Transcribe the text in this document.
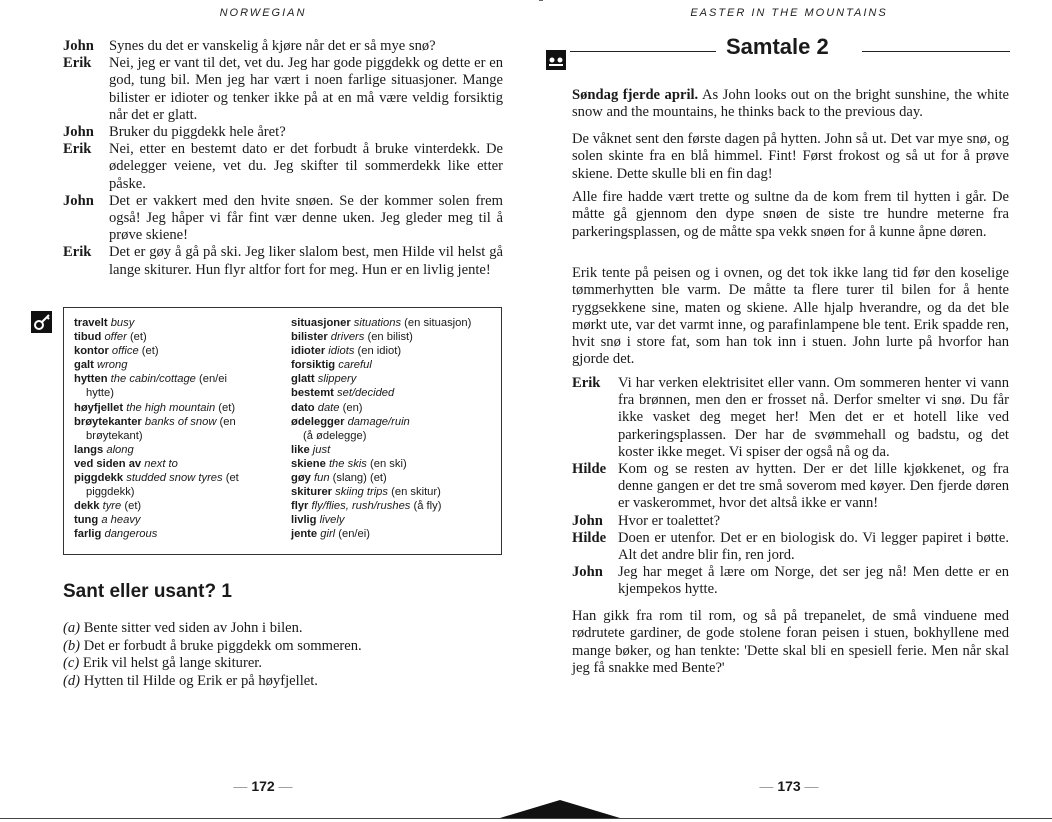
NORWEGIAN
John	Synes du det er vanskelig å kjøre når det er så mye snø?
Erik	Nei, jeg er vant til det, vet du. Jeg har gode piggdekk og dette er en god, tung bil. Men jeg har vært i noen farlige situasjoner. Mange bilister er idioter og tenker ikke på at en må være veldig forsiktig når det er glatt.
John	Bruker du piggdekk hele året?
Erik	Nei, etter en bestemt dato er det forbudt å bruke vinterdekk. De ødelegger veiene, vet du. Jeg skifter til sommerdekk like etter påske.
John	Det er vakkert med den hvite snøen. Se der kommer solen frem også! Jeg håper vi får fint vær denne uken. Jeg gleder meg til å prøve skiene!
Erik	Det er gøy å gå på ski. Jeg liker slalom best, men Hilde vil helst gå lange skiturer. Hun flyr altfor fort for meg. Hun er en livlig jente!
travelt busy
tibud offer (et)
kontor office (et)
galt wrong
hytten the cabin/cottage (en/ei
hytte)
høyfjellet the high mountain (et)
brøytekanter banks of snow (en
brøytekant)
langs along
ved siden av next to
piggdekk studded snow tyres (et
piggdekk)
dekk tyre (et)
tung a heavy
farlig dangerous
situasjoner situations (en situasjon)
bilister drivers (en bilist)
idioter idiots (en idiot)
forsiktig careful
glatt slippery
bestemt set/decided
dato date (en)
ødelegger damage/ruin
(å ødelegge)
like just
skiene the skis (en ski)
gøy fun (slang) (et)
skiturer skiing trips (en skitur)
flyr fly/flies, rush/rushes (å fly)
livlig lively
jente girl (en/ei)
Sant eller usant? 1
(a) Bente sitter ved siden av John i bilen.
(b) Det er forbudt å bruke piggdekk om sommeren.
(c) Erik vil helst gå lange skiturer.
(d) Hytten til Hilde og Erik er på høyfjellet.
— 172 —
EASTER IN THE MOUNTAINS
Samtale 2

Søndag fjerde april. As John looks out on the bright sunshine, the white snow and the mountains, he thinks back to the previous day.

De våknet sent den første dagen på hytten. John så ut. Det var mye snø, og solen skinte fra en blå himmel. Fint! Først frokost og så ut for å prøve skiene. Dette skulle bli en fin dag!

Alle fire hadde vært trette og sultne da de kom frem til hytten i går. De måtte gå gjennom den dype snøen de siste tre hundre meterne fra parkeringsplassen, og de måtte spa vekk snøen for å kunne åpne døren.

Erik tente på peisen og i ovnen, og det tok ikke lang tid før den koselige tømmerhytten ble varm. De måtte ta flere turer til bilen for å hente ryggsekkene sine, maten og skiene. Alle hjalp hverandre, og da det ble mørkt ute, var det varmt inne, og parafinlampene ble tent. Erik spadde ren, hvit snø i store fat, som han tok inn i stuen. John lurte på hvorfor han gjorde det.

Erik	Vi har verken elektrisitet eller vann. Om sommeren henter vi vann fra brønnen, men den er frosset nå. Derfor smelter vi snø. Du får ikke vasket deg meget her! Men det er et hotell like ved parkeringsplassen. Der har de svømmehall og badstu, og det koster ikke meget. Vi spiser der også nå og da.
Hilde Kom og se resten av hytten. Der er det lille kjøkkenet, og fra denne gangen er det tre små soverom med køyer. Den fjerde døren er vaskerommet, hvor det altså ikke er vann!
John	Hvor er toalettet?
Hilde Doen er utenfor. Det er en biologisk do. Vi legger papiret i bøtte. Alt det andre blir fin, ren jord.
John	Jeg har meget å lære om Norge, det ser jeg nå! Men dette er en kjempekos hytte.

Han gikk fra rom til rom, og så på trepanelet, de små vinduene med rødrutete gardiner, de gode stolene foran peisen i stuen, bokhyllene med mange bøker, og han tenkte: 'Dette skal bli en spesiell ferie. Men når skal jeg få snakke med Bente?'

— 173 —
